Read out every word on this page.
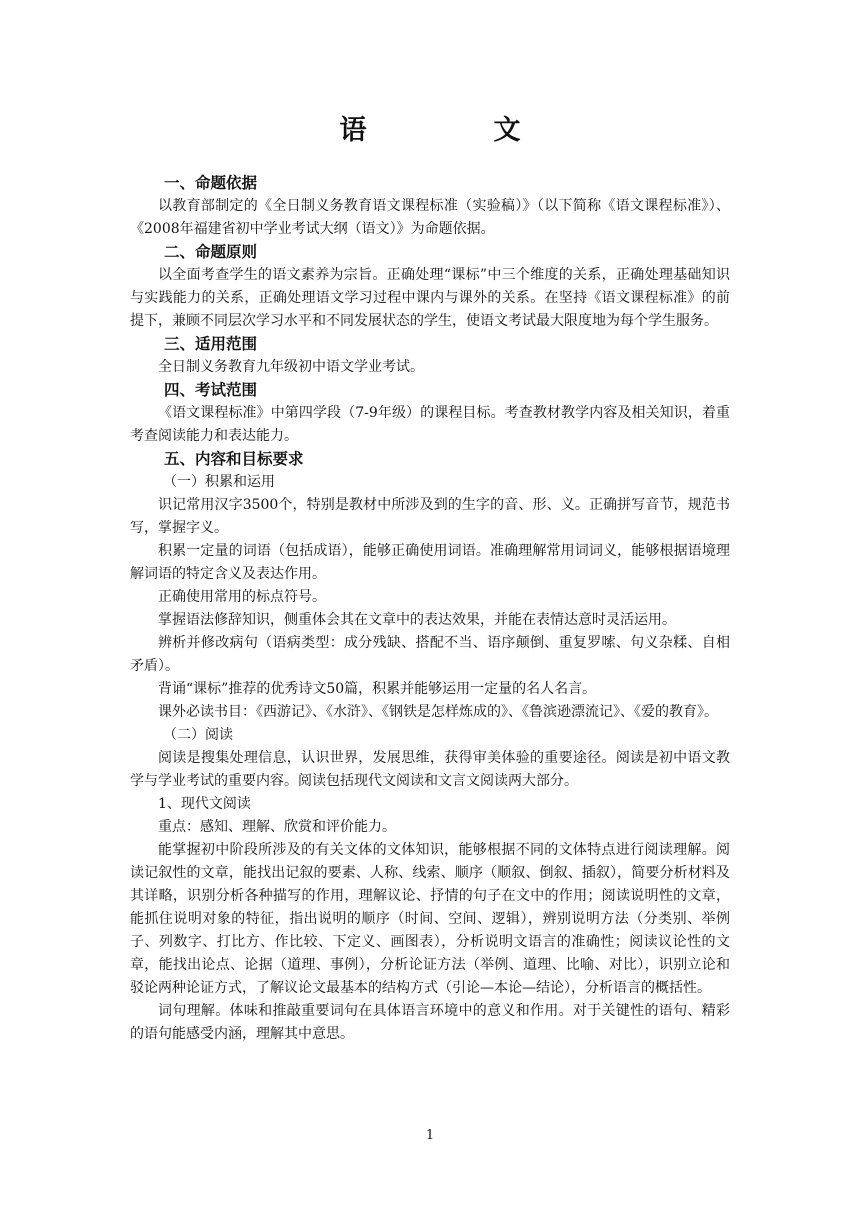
语　文
一、命题依据

以教育部制定的《全日制义务教育语文课程标准（实验稿）》（以下简称《语文课程标准》）、《2008年福建省初中学业考试大纲（语文）》为命题依据。

二、命题原则

以全面考查学生的语文素养为宗旨。正确处理“课标”中三个维度的关系，正确处理基础知识与实践能力的关系，正确处理语文学习过程中课内与课外的关系。在坚持《语文课程标准》的前提下，兼顾不同层次学习水平和不同发展状态的学生，使语文考试最大限度地为每个学生服务。

三、适用范围

全日制义务教育九年级初中语文学业考试。

四、考试范围

《语文课程标准》中第四学段（7-9年级）的课程目标。考查教材教学内容及相关知识，着重考查阅读能力和表达能力。

五、内容和目标要求

（一）积累和运用

识记常用汉字3500个，特别是教材中所涉及到的生字的音、形、义。正确拼写音节，规范书写，掌握字义。

积累一定量的词语（包括成语），能够正确使用词语。准确理解常用词词义，能够根据语境理解词语的特定含义及表达作用。

正确使用常用的标点符号。

掌握语法修辞知识，侧重体会其在文章中的表达效果，并能在表情达意时灵活运用。

辨析并修改病句（语病类型：成分残缺、搭配不当、语序颠倒、重复罗嗦、句义杂糅、自相矛盾）。

背诵“课标”推荐的优秀诗文50篇，积累并能够运用一定量的名人名言。

课外必读书目：《西游记》、《水浒》、《钢铁是怎样炼成的》、《鲁滨逊漂流记》、《爱的教育》。

（二）阅读

阅读是搜集处理信息，认识世界，发展思维，获得审美体验的重要途径。阅读是初中语文教学与学业考试的重要内容。阅读包括现代文阅读和文言文阅读两大部分。

1、现代文阅读

重点：感知、理解、欣赏和评价能力。

能掌握初中阶段所涉及的有关文体的文体知识，能够根据不同的文体特点进行阅读理解。阅读记叙性的文章，能找出记叙的要素、人称、线索、顺序（顺叙、倒叙、插叙），简要分析材料及其详略，识别分析各种描写的作用，理解议论、抒情的句子在文中的作用；阅读说明性的文章，能抓住说明对象的特征，指出说明的顺序（时间、空间、逻辑），辨别说明方法（分类别、举例子、列数字、打比方、作比较、下定义、画图表），分析说明文语言的准确性；阅读议论性的文章，能找出论点、论据（道理、事例），分析论证方法（举例、道理、比喻、对比），识别立论和驳论两种论证方式，了解议论文最基本的结构方式（引论—本论—结论），分析语言的概括性。

词句理解。体味和推敲重要词句在具体语言环境中的意义和作用。对于关键性的语句、精彩的语句能感受内涵，理解其中意思。

1
